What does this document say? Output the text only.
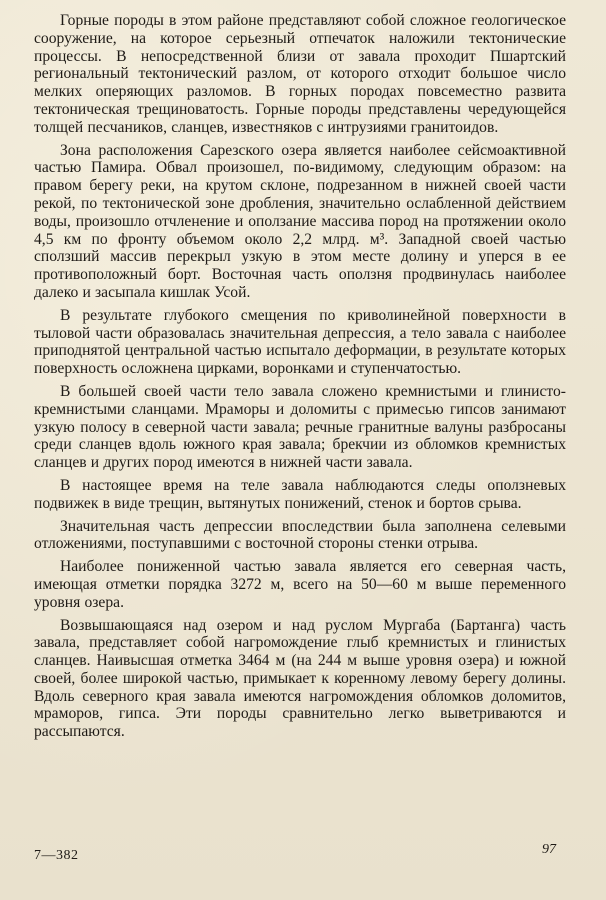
Горные породы в этом районе представляют собой сложное геологическое сооружение, на которое серьезный отпечаток наложили тектонические процессы. В непосредственной близи от завала проходит Пшартский региональный тектонический разлом, от которого отходит большое число мелких оперяющих разломов. В горных породах повсеместно развита тектоническая трещиноватость. Горные породы представлены чередующейся толщей песчаников, сланцев, известняков с интрузиями гранитоидов.

Зона расположения Сарезского озера является наиболее сейсмоактивной частью Памира. Обвал произошел, по-видимому, следующим образом: на правом берегу реки, на крутом склоне, подрезанном в нижней своей части рекой, по тектонической зоне дробления, значительно ослабленной действием воды, произошло отчленение и оползание массива пород на протяжении около 4,5 км по фронту объемом около 2,2 млрд. м³. Западной своей частью сползший массив перекрыл узкую в этом месте долину и уперся в ее противоположный борт. Восточная часть оползня продвинулась наиболее далеко и засыпала кишлак Усой.

В результате глубокого смещения по криволинейной поверхности в тыловой части образовалась значительная депрессия, а тело завала с наиболее приподнятой центральной частью испытало деформации, в результате которых поверхность осложнена цирками, воронками и ступенчатостью.

В большей своей части тело завала сложено кремнистыми и глинисто-кремнистыми сланцами. Мраморы и доломиты с примесью гипсов занимают узкую полосу в северной части завала; речные гранитные валуны разбросаны среди сланцев вдоль южного края завала; брекчии из обломков кремнистых сланцев и других пород имеются в нижней части завала.

В настоящее время на теле завала наблюдаются следы оползневых подвижек в виде трещин, вытянутых понижений, стенок и бортов срыва.

Значительная часть депрессии впоследствии была заполнена селевыми отложениями, поступавшими с восточной стороны стенки отрыва.

Наиболее пониженной частью завала является его северная часть, имеющая отметки порядка 3272 м, всего на 50—60 м выше переменного уровня озера.

Возвышающаяся над озером и над руслом Мургаба (Бартанга) часть завала, представляет собой нагромождение глыб кремнистых и глинистых сланцев. Наивысшая отметка 3464 м (на 244 м выше уровня озера) и южной своей, более широкой частью, примыкает к коренному левому берегу долины. Вдоль северного края завала имеются нагромождения обломков доломитов, мраморов, гипса. Эти породы сравнительно легко выветриваются и рассыпаются.

7—382	97
